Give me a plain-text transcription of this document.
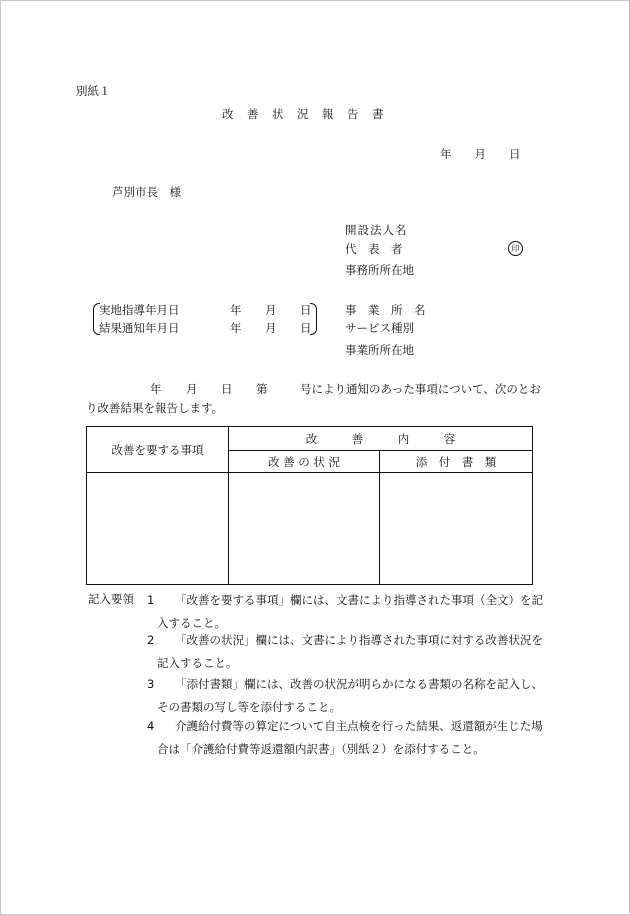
別紙１
改　善　状　況　報　告　書
年　　月　　日
芦別市長　様
開設法人名
代　表　者	印
事務所所在地
実地指導年月日	年 月 日
結果通知年月日	年 月 日
事　業　所　名
サービス種別
事業所所在地
年 月 日 第	号により通知のあった事項について、次のとお
り改善結果を報告します。
改善を要する事項	改　　　善　　　内　　　容	
	改 善 の 状 況	添　付　書　類

記入要領 1	「改善を要する事項」欄には、文書により指導された事項（全文）を記
入すること。
2	「改善の状況」欄には、文書により指導された事項に対する改善状況を
記入すること。
3	「添付書類」欄には、改善の状況が明らかになる書類の名称を記入し、
その書類の写し等を添付すること。
4	介護給付費等の算定について自主点検を行った結果、返還額が生じた場
合は「介護給付費等返還額内訳書」（別紙２）を添付すること。
